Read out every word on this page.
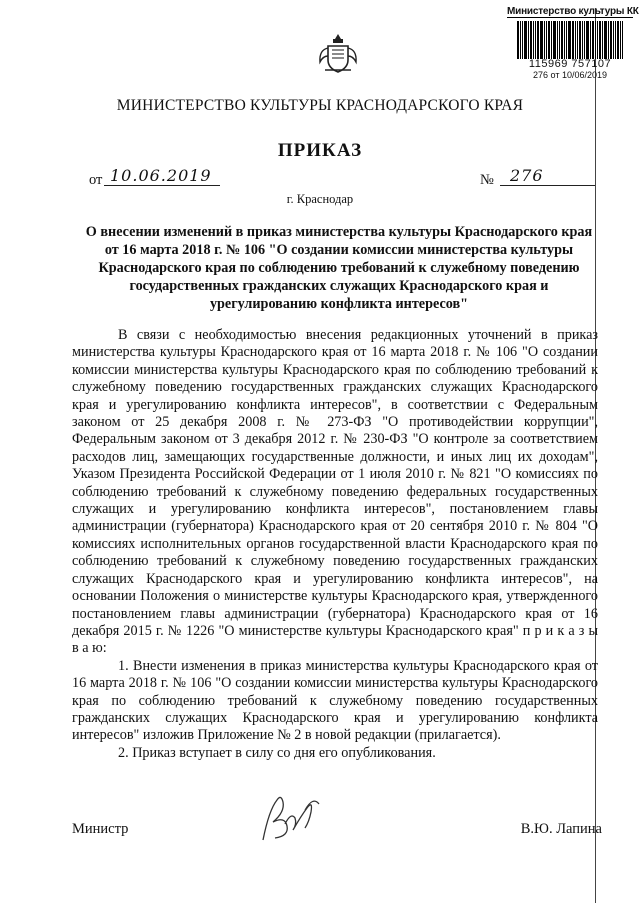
Министерство культуры КК
115969 757107
276 от 10/06/2019
МИНИСТЕРСТВО КУЛЬТУРЫ КРАСНОДАРСКОГО КРАЯ
ПРИКАЗ
от 10.06.2019	№ 276
г. Краснодар
О внесении изменений в приказ министерства культуры Краснодарского края от 16 марта 2018 г. № 106 "О создании комиссии министерства культуры Краснодарского края по соблюдению требований к служебному поведению государственных гражданских служащих Краснодарского края и урегулированию конфликта интересов"

В связи с необходимостью внесения редакционных уточнений в приказ министерства культуры Краснодарского края от 16 марта 2018 г. № 106 "О создании комиссии министерства культуры Краснодарского края по соблюдению требований к служебному поведению государственных гражданских служащих Краснодарского края и урегулированию конфликта интересов", в соответствии с Федеральным законом от 25 декабря 2008 г. № 273-ФЗ "О противодействии коррупции", Федеральным законом от 3 декабря 2012 г. № 230-ФЗ "О контроле за соответствием расходов лиц, замещающих государственные должности, и иных лиц их доходам", Указом Президента Российской Федерации от 1 июля 2010 г. № 821 "О комиссиях по соблюдению требований к служебному поведению федеральных государственных служащих и урегулированию конфликта интересов", постановлением главы администрации (губернатора) Краснодарского края от 20 сентября 2010 г. № 804 "О комиссиях исполнительных органов государственной власти Краснодарского края по соблюдению требований к служебному поведению государственных гражданских служащих Краснодарского края и урегулированию конфликта интересов", на основании Положения о министерстве культуры Краснодарского края, утвержденного постановлением главы администрации (губернатора) Краснодарского края от 16 декабря 2015 г. № 1226 "О министерстве культуры Краснодарского края" п р и к а з ы в а ю:

1. Внести изменения в приказ министерства культуры Краснодарского края от 16 марта 2018 г. № 106 "О создании комиссии министерства культуры Краснодарского края по соблюдению требований к служебному поведению государственных гражданских служащих Краснодарского края и урегулированию конфликта интересов" изложив Приложение № 2 в новой редакции (прилагается).

2. Приказ вступает в силу со дня его опубликования.

Министр	В.Ю. Лапина
